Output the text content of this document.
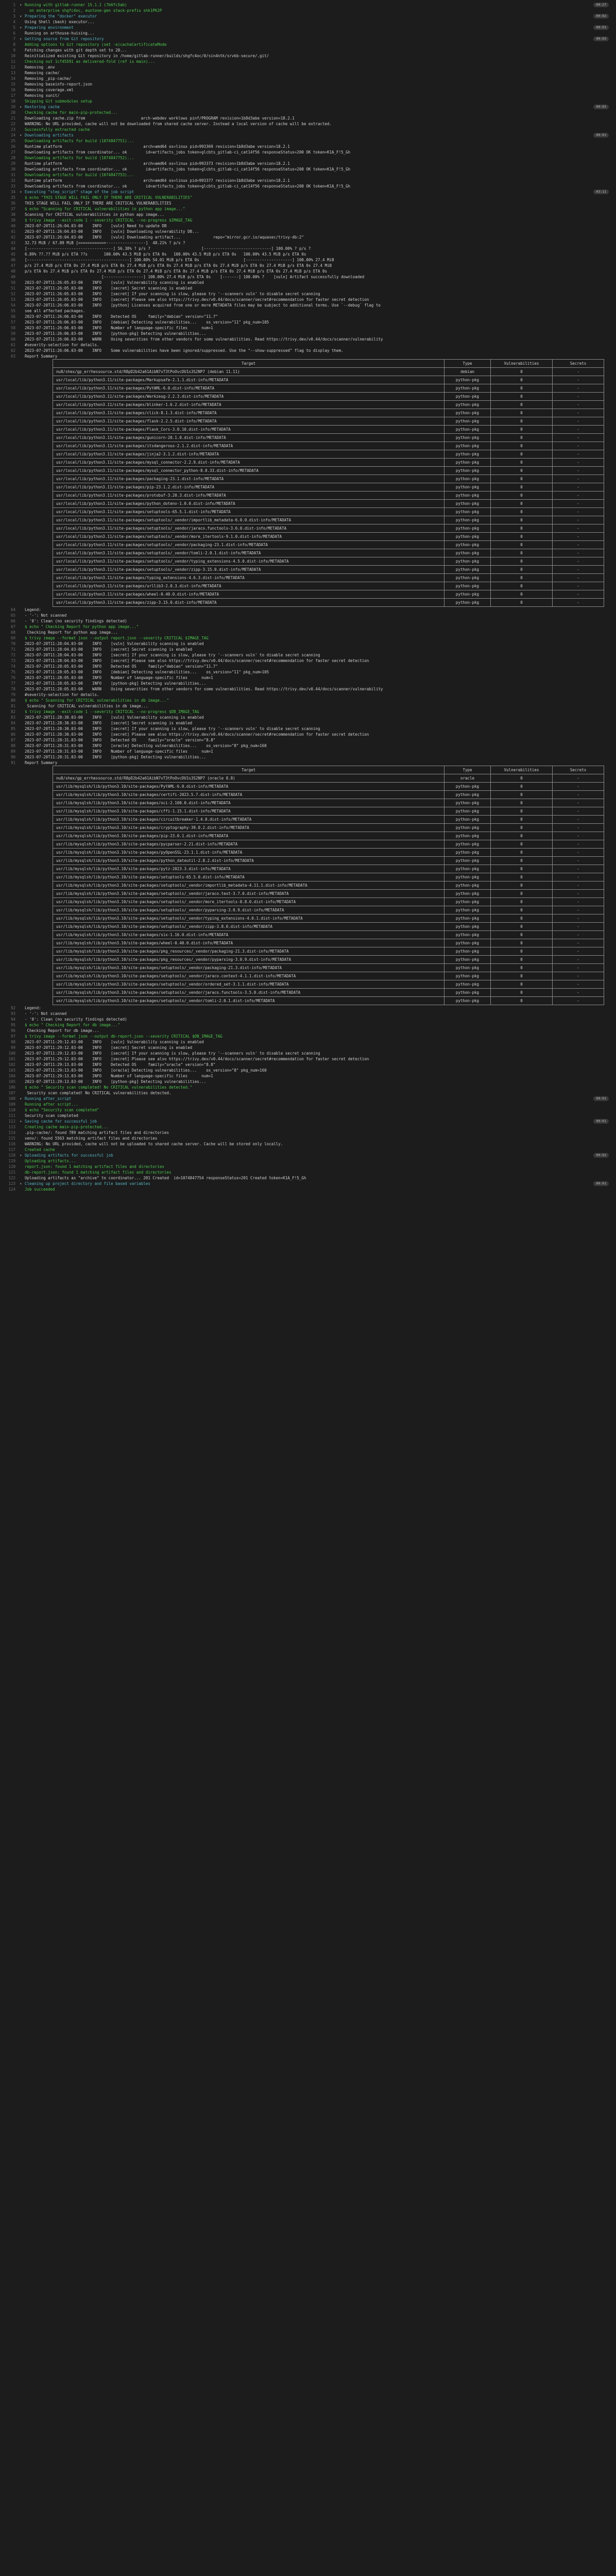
1	▾ Running with gitlab-runner 15.1.1 (7b6fc5ab)	00:27
2	on enterprise shgfc4oc, eustone-gen stack-prefix shk1PK2P
3	▾ Preparing the "docker" executor	00:02
4	Using Shell (bash) executor...
5	▾ Preparing environment	00:01
6	Running on arthouse-huising...
7	▾ Getting source from Git repository	00:03
8	Adding options to Git repository (set -e)cacheCertificateMode
9	Fetching changes with git depth set to 20...
10	Reinitialized existing Git repository in /home/gitlab-runner/builds/shgfc4oc/0/sin4ntk/srvkb-secure/.git/
11	Checking out 1cf45591 as delivered-fold (ref is main)...
12	Removing .env
13	Removing cache/
14	Removing _pip-cache/
15	Removing baseinfo-report.json
16	Removing coverage.xml
17	Removing xunit/
18	Skipping Git submodules setup
19	▾ Restoring cache	00:02
20	Checking cache for main-pip-protected...
21	Downloading cache.zip from                        arch-webdev worklows pinf/PROGRAM revision=1b8d3abe version=18.2.1
22	WARNING: No URL provided, cache will not be downloaded from shared cache server. Instead a local version of cache will be extracted.
23	Successfully extracted cache
24	▾ Downloading artifacts	00:01
25	Downloading artifacts for build (1074847751)...
26	Runtime platform                                   arch=amd64 os=linux pid=993369 revision=1b8d3abe version=18.2.1
27	Downloading artifacts from coordinator... ok        id=artifacts_jobs token=glcbts_gitlab-ci_cat14f56 responseStatus=200 OK token=K1A_F!5_Gh
28	Downloading artifacts for build (1074847752)...
29	Runtime platform                                   arch=amd64 os=linux pid=993373 revision=1b8d3abe version=18.2.1
30	Downloading artifacts from coordinator... ok        id=artifacts_jobs token=glcbts_gitlab-ci_cat14f56 responseStatus=200 OK token=K1A_F!5_Gh
31	Downloading artifacts for build (1074847753)...
32	Runtime platform                                   arch=amd64 os=linux pid=993377 revision=1b8d3abe version=18.2.1
33	Downloading artifacts from coordinator... ok        id=artifacts_jobs token=glcbts_gitlab-ci_cat14f56 responseStatus=200 OK token=K1A_F!5_Gh
34	▾ Executing "step_script" stage of the job script	03:11
35	$ echo "THIS STAGE WILL FAIL ONLY IF THERE ARE CRITICAL VULNERABILITIES"
36	THIS STAGE WILL FAIL ONLY IF THERE ARE CRITICAL VULNERABILITIES
37	$ echo "Scanning for CRITICAL vulnerabilities in python app image..."
38	Scanning for CRITICAL vulnerabilities in python app image...
39	$ trivy image --exit-code 1 --severity CRITICAL --no-progress $IMAGE_TAG
40	2023-07-20T11:26:04.03-00    INFO    [vuln] Need to update DB
41	2023-07-20T11:26:04.03-00    INFO    [vuln] Downloading vulnerability DB...
42	2023-07-20T11:26:04.03-00    INFO    [vuln] Downloading artifact...              repo="mirror.gcr.io/aquasec/trivy-db:2"
43	32.73 MiB / 67.89 MiB [===========>-----------------]  48.21% ? p/s ?
44	[-------------------------------------] 56.38% ? p/s ?                      [-----------------------------] 100.00% ? p/s ?
45	6.89% ??.?? MiB p/s ETA ??s       100.00% 43.5 MiB p/s ETA 0s   100.00% 43.5 MiB p/s ETA 0s   100.00% 43.5 MiB p/s ETA 0s
46	[--------------------------------------------] 100.00% 54.01 MiB p/s ETA 0s                   [--------------------] 100.00% 27.4 MiB
47	p/s 27.4 MiB p/s ETA 0s 27.4 MiB p/s ETA 0s 27.4 MiB p/s ETA 0s 27.4 MiB p/s ETA 0s 27.4 MiB p/s ETA 0s 27.4 MiB p/s ETA 0s 27.4 MiB
48	p/s ETA 0s 27.4 MiB p/s ETA 0s 27.4 MiB p/s ETA 0s 27.4 MiB p/s ETA 0s 27.4 MiB p/s ETA 0s 27.4 MiB p/s ETA 0s 27.4 MiB p/s ETA 0s
49	[-----------------] 100.00% 27.4 MiB p/s ETA 0s    [-------] 100.00% ?    [vuln] Artifact successfully downloaded
50	2023-07-20T11:26:05.03-00    INFO    [vuln] Vulnerability scanning is enabled
51	2023-07-20T11:26:05.03-00    INFO    [secret] Secret scanning is enabled
52	2023-07-20T11:26:05.03-00    INFO    [secret] If your scanning is slow, please try '--scanners vuln' to disable secret scanning
53	2023-07-20T11:26:05.03-00    INFO    [secret] Please see also https://trivy.dev/v0.44/docs/scanner/secret#recommendation for faster secret detection
54	2023-07-20T11:26:06.03-00    INFO    [python] Licenses acquired from one or more METADATA files may be subject to additional terms. Use `--debug` flag to
55	see all affected packages.
56	2023-07-20T11:26:06.03-00    INFO    Detected OS     family="debian" version="11.7"
57	2023-07-20T11:26:06.03-00    INFO    [debian] Detecting vulnerabilities...    os_version="11" pkg_num=105
58	2023-07-20T11:26:06.03-00    INFO    Number of language-specific files      num=1
59	2023-07-20T11:26:06.03-00    INFO    [python-pkg] Detecting vulnerabilities...
60	2023-07-20T11:26:06.03-00    WARN    Using severities from other vendors for some vulnerabilities. Read https://trivy.dev/v0.44/docs/scanner/vulnerability
61	#severity-selection for details.
62	2023-07-20T11:26:06.03-00    INFO    Some vulnerabilities have been ignored/suppressed. Use the "--show-suppressed" flag to display them.
63	Report Summary
Target	Type	Vulnerabilities	Secrets
nu8/shex/gp_errhessource.std/R8pD2b42a61AibN7vT3tPoOvcDU1s3S2NP7 (debian 11.11)	debian	0	-
usr/local/lib/python3.11/site-packages/Markupsafe-2.1.1.dist-info/METADATA	python-pkg	0	-
usr/local/lib/python3.11/site-packages/PyYAML-6.0.dist-info/METADATA	python-pkg	0	-
usr/local/lib/python3.11/site-packages/Werkzeug-2.2.3.dist-info/METADATA	python-pkg	0	-
usr/local/lib/python3.11/site-packages/blinker-1.6.2.dist-info/METADATA	python-pkg	0	-
usr/local/lib/python3.11/site-packages/click-8.1.3.dist-info/METADATA	python-pkg	0	-
usr/local/lib/python3.11/site-packages/flask-2.2.5.dist-info/METADATA	python-pkg	0	-
usr/local/lib/python3.11/site-packages/Flask_Cors-3.0.10.dist-info/METADATA	python-pkg	0	-
usr/local/lib/python3.11/site-packages/gunicorn-20.1.0.dist-info/METADATA	python-pkg	0	-
usr/local/lib/python3.11/site-packages/itsdangerous-2.1.2.dist-info/METADATA	python-pkg	0	-
usr/local/lib/python3.11/site-packages/jinja2-3.1.2.dist-info/METADATA	python-pkg	0	-
usr/local/lib/python3.11/site-packages/mysql_connector-2.2.9.dist-info/METADATA	python-pkg	0	-
usr/local/lib/python3.11/site-packages/mysql_connector_python-8.0.33.dist-info/METADATA	python-pkg	0	-
usr/local/lib/python3.11/site-packages/packaging-23.1.dist-info/METADATA	python-pkg	0	-
usr/local/lib/python3.11/site-packages/pip-23.1.2.dist-info/METADATA	python-pkg	0	-
usr/local/lib/python3.11/site-packages/protobuf-3.20.3.dist-info/METADATA	python-pkg	0	-
usr/local/lib/python3.11/site-packages/python_dotenv-1.0.0.dist-info/METADATA	python-pkg	0	-
usr/local/lib/python3.11/site-packages/setuptools-65.5.1.dist-info/METADATA	python-pkg	0	-
usr/local/lib/python3.11/site-packages/setuptools/_vendor/importlib_metadata-6.0.0.dist-info/METADATA	python-pkg	0	-
usr/local/lib/python3.11/site-packages/setuptools/_vendor/jaraco.functools-3.6.0.dist-info/METADATA	python-pkg	0	-
usr/local/lib/python3.11/site-packages/setuptools/_vendor/more_itertools-9.1.0.dist-info/METADATA	python-pkg	0	-
usr/local/lib/python3.11/site-packages/setuptools/_vendor/packaging-23.1.dist-info/METADATA	python-pkg	0	-
usr/local/lib/python3.11/site-packages/setuptools/_vendor/tomli-2.0.1.dist-info/METADATA	python-pkg	0	-
usr/local/lib/python3.11/site-packages/setuptools/_vendor/typing_extensions-4.5.0.dist-info/METADATA	python-pkg	0	-
usr/local/lib/python3.11/site-packages/setuptools/_vendor/zipp-3.15.0.dist-info/METADATA	python-pkg	0	-
usr/local/lib/python3.11/site-packages/typing_extensions-4.6.3.dist-info/METADATA	python-pkg	0	-
usr/local/lib/python3.11/site-packages/urllib3-2.0.3.dist-info/METADATA	python-pkg	0	-
usr/local/lib/python3.11/site-packages/wheel-0.40.0.dist-info/METADATA	python-pkg	0	-
usr/local/lib/python3.11/site-packages/zipp-3.15.0.dist-info/METADATA	python-pkg	0	-
64	Legend:
65	- '-': Not scanned
66	- '0': Clean (no security findings detected)
67	$ echo " Checking Report for python app image..."
68	Checking Report for python app image...
69	$ trivy image --format json --output report.json --severity CRITICAL $IMAGE_TAG
70	2023-07-20T11:28:04.03-00    INFO    [vuln] Vulnerability scanning is enabled
71	2023-07-20T11:28:04.03-00    INFO    [secret] Secret scanning is enabled
72	2023-07-20T11:28:04.03-00    INFO    [secret] If your scanning is slow, please try '--scanners vuln' to disable secret scanning
73	2023-07-20T11:28:04.03-00    INFO    [secret] Please see also https://trivy.dev/v0.44/docs/scanner/secret#recommendation for faster secret detection
74	2023-07-20T11:28:05.03-00    INFO    Detected OS     family="debian" version="11.7"
75	2023-07-20T11:28:05.03-00    INFO    [debian] Detecting vulnerabilities...    os_version="11" pkg_num=105
76	2023-07-20T11:28:05.03-00    INFO    Number of language-specific files      num=1
77	2023-07-20T11:28:05.03-00    INFO    [python-pkg] Detecting vulnerabilities...
78	2023-07-20T11:28:05.03-00    WARN    Using severities from other vendors for some vulnerabilities. Read https://trivy.dev/v0.44/docs/scanner/vulnerability
79	#severity-selection for details.
80	$ echo " Scanning for CRITICAL vulnerabilities in db image..."
81	Scanning for CRITICAL vulnerabilities in db image...
82	$ trivy image --exit-code 1 --severity CRITICAL --no-progress $DB_IMAGE_TAG
83	2023-07-20T11:28:30.03-00    INFO    [vuln] Vulnerability scanning is enabled
84	2023-07-20T11:28:30.03-00    INFO    [secret] Secret scanning is enabled
85	2023-07-20T11:28:30.03-00    INFO    [secret] If your scanning is slow, please try '--scanners vuln' to disable secret scanning
86	2023-07-20T11:28:30.03-00    INFO    [secret] Please see also https://trivy.dev/v0.44/docs/scanner/secret#recommendation for faster secret detection
87	2023-07-20T11:28:31.03-00    INFO    Detected OS     family="oracle" version="8.8"
88	2023-07-20T11:28:31.03-00    INFO    [oracle] Detecting vulnerabilities...    os_version="8" pkg_num=160
89	2023-07-20T11:28:31.03-00    INFO    Number of language-specific files      num=1
90	2023-07-20T11:28:31.03-00    INFO    [python-pkg] Detecting vulnerabilities...
91	Report Summary
Target	Type	Vulnerabilities	Secrets
nu8/shex/gp_errhessource.std/R8pD2b42a61AibN7vT3tPoOvcDU1s3S2NP7 (oracle 8.8)	oracle	0	-
usr/lib/mysqlsh/lib/python3.10/site-packages/PyYAML-6.0.dist-info/METADATA	python-pkg	0	-
usr/lib/mysqlsh/lib/python3.10/site-packages/certifi-2023.5.7.dist-info/METADATA	python-pkg	0	-
usr/lib/mysqlsh/lib/python3.10/site-packages/oci-2.100.0.dist-info/METADATA	python-pkg	0	-
usr/lib/mysqlsh/lib/python3.10/site-packages/cffi-1.15.1.dist-info/METADATA	python-pkg	0	-
usr/lib/mysqlsh/lib/python3.10/site-packages/circuitbreaker-1.4.0.dist-info/METADATA	python-pkg	0	-
usr/lib/mysqlsh/lib/python3.10/site-packages/cryptography-39.0.2.dist-info/METADATA	python-pkg	0	-
usr/lib/mysqlsh/lib/python3.10/site-packages/pip-23.0.1.dist-info/METADATA	python-pkg	0	-
usr/lib/mysqlsh/lib/python3.10/site-packages/pycparser-2.21.dist-info/METADATA	python-pkg	0	-
usr/lib/mysqlsh/lib/python3.10/site-packages/pyOpenSSL-23.1.1.dist-info/METADATA	python-pkg	0	-
usr/lib/mysqlsh/lib/python3.10/site-packages/python_dateutil-2.8.2.dist-info/METADATA	python-pkg	0	-
usr/lib/mysqlsh/lib/python3.10/site-packages/pytz-2023.3.dist-info/METADATA	python-pkg	0	-
usr/lib/mysqlsh/lib/python3.10/site-packages/setuptools-65.5.0.dist-info/METADATA	python-pkg	0	-
usr/lib/mysqlsh/lib/python3.10/site-packages/setuptools/_vendor/importlib_metadata-4.11.1.dist-info/METADATA	python-pkg	0	-
usr/lib/mysqlsh/lib/python3.10/site-packages/setuptools/_vendor/jaraco.text-3.7.0.dist-info/METADATA	python-pkg	0	-
usr/lib/mysqlsh/lib/python3.10/site-packages/setuptools/_vendor/more_itertools-8.8.0.dist-info/METADATA	python-pkg	0	-
usr/lib/mysqlsh/lib/python3.10/site-packages/setuptools/_vendor/pyparsing-3.0.9.dist-info/METADATA	python-pkg	0	-
usr/lib/mysqlsh/lib/python3.10/site-packages/setuptools/_vendor/typing_extensions-4.0.1.dist-info/METADATA	python-pkg	0	-
usr/lib/mysqlsh/lib/python3.10/site-packages/setuptools/_vendor/zipp-3.8.0.dist-info/METADATA	python-pkg	0	-
usr/lib/mysqlsh/lib/python3.10/site-packages/six-1.16.0.dist-info/METADATA	python-pkg	0	-
usr/lib/mysqlsh/lib/python3.10/site-packages/wheel-0.40.0.dist-info/METADATA	python-pkg	0	-
usr/lib/mysqlsh/lib/python3.10/site-packages/pkg_resources/_vendor/packaging-21.3.dist-info/METADATA	python-pkg	0	-
usr/lib/mysqlsh/lib/python3.10/site-packages/pkg_resources/_vendor/pyparsing-3.0.9.dist-info/METADATA	python-pkg	0	-
usr/lib/mysqlsh/lib/python3.10/site-packages/setuptools/_vendor/packaging-21.3.dist-info/METADATA	python-pkg	0	-
usr/lib/mysqlsh/lib/python3.10/site-packages/setuptools/_vendor/jaraco.context-4.1.1.dist-info/METADATA	python-pkg	0	-
usr/lib/mysqlsh/lib/python3.10/site-packages/setuptools/_vendor/ordered_set-3.1.1.dist-info/METADATA	python-pkg	0	-
usr/lib/mysqlsh/lib/python3.10/site-packages/setuptools/_vendor/jaraco.functools-3.5.0.dist-info/METADATA	python-pkg	0	-
usr/lib/mysqlsh/lib/python3.10/site-packages/setuptools/_vendor/tomli-2.0.1.dist-info/METADATA	python-pkg	0	-
92	Legend:
93	- '-': Not scanned
94	- '0': Clean (no security findings detected)
95	$ echo " Checking Report for db image..."
96	Checking Report for db image...
97	$ trivy image --format json --output db-report.json --severity CRITICAL $DB_IMAGE_TAG
98	2023-07-20T11:29:12.03-00    INFO    [vuln] Vulnerability scanning is enabled
99	2023-07-20T11:29:12.03-00    INFO    [secret] Secret scanning is enabled
100	2023-07-20T11:29:12.03-00    INFO    [secret] If your scanning is slow, please try '--scanners vuln' to disable secret scanning
101	2023-07-20T11:29:12.03-00    INFO    [secret] Please see also https://trivy.dev/v0.44/docs/scanner/secret#recommendation for faster secret detection
102	2023-07-20T11:29:13.03-00    INFO    Detected OS     family="oracle" version="8.8"
103	2023-07-20T11:29:13.03-00    INFO    [oracle] Detecting vulnerabilities...    os_version="8" pkg_num=160
104	2023-07-20T11:29:13.03-00    INFO    Number of language-specific files      num=1
105	2023-07-20T11:29:13.03-00    INFO    [python-pkg] Detecting vulnerabilities...
106	$ echo " Security scan completed! No CRITICAL vulnerabilities detected."
107	Security scan completed! No CRITICAL vulnerabilities detected.
108	▾ Running after_script	00:01
109	Running after script...
110	$ echo "Security scan completed"
111	Security scan completed
112	▾ Saving cache for successful job	00:01
113	Creating cache main-pip-protected...
114	.pip-cache/: found 789 matching artifact files and directories
115	venv/: found 5563 matching artifact files and directories
116	WARNING: No URL provided, cache will not be uploaded to shared cache server. Cache will be stored only locally.
117	Created cache
118	▾ Uploading artifacts for successful job	00:02
119	Uploading artifacts...
120	report.json: found 1 matching artifact files and directories
121	db-report.json: found 1 matching artifact files and directories
122	Uploading artifacts as "archive" to coordinator... 201 Created  id=1074847754 responseStatus=201 Created token=K1A_F!5_Gh
123	▾ Cleaning up project directory and file based variables	00:01
124	Job succeeded
